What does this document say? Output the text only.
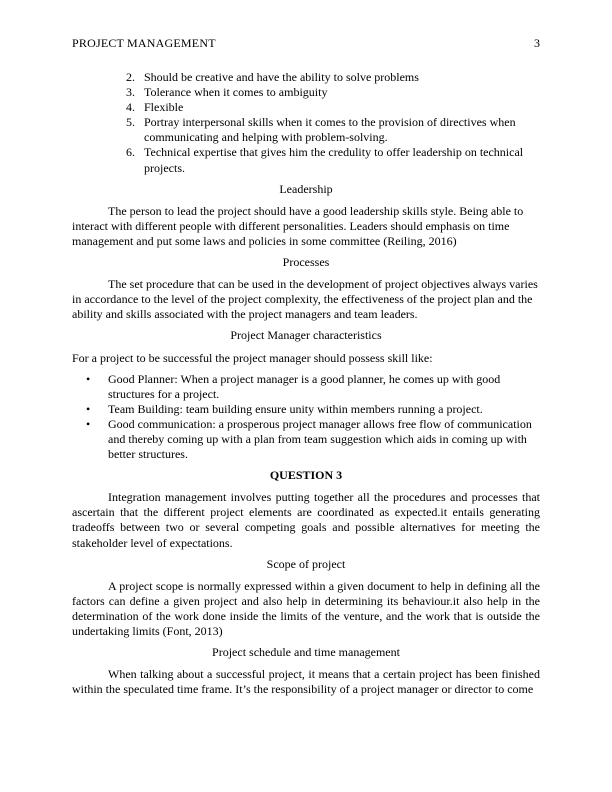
PROJECT MANAGEMENT	3
2. Should be creative and have the ability to solve problems
3. Tolerance when it comes to ambiguity
4. Flexible
5. Portray interpersonal skills when it comes to the provision of directives when communicating and helping with problem-solving.
6. Technical expertise that gives him the credulity to offer leadership on technical projects.
Leadership

The person to lead the project should have a good leadership skills style. Being able to interact with different people with different personalities. Leaders should emphasis on time management and put some laws and policies in some committee (Reiling, 2016)

Processes

The set procedure that can be used in the development of project objectives always varies in accordance to the level of the project complexity, the effectiveness of the project plan and the ability and skills associated with the project managers and team leaders.

Project Manager characteristics

For a project to be successful the project manager should possess skill like:

• Good Planner: When a project manager is a good planner, he comes up with good structures for a project.
• Team Building: team building ensure unity within members running a project.
• Good communication: a prosperous project manager allows free flow of communication and thereby coming up with a plan from team suggestion which aids in coming up with better structures.
QUESTION 3

Integration management involves putting together all the procedures and processes that ascertain that the different project elements are coordinated as expected.it entails generating tradeoffs between two or several competing goals and possible alternatives for meeting the stakeholder level of expectations.

Scope of project

A project scope is normally expressed within a given document to help in defining all the factors can define a given project and also help in determining its behaviour.it also help in the determination of the work done inside the limits of the venture, and the work that is outside the undertaking limits (Font, 2013)

Project schedule and time management

When talking about a successful project, it means that a certain project has been finished within the speculated time frame. It’s the responsibility of a project manager or director to come
